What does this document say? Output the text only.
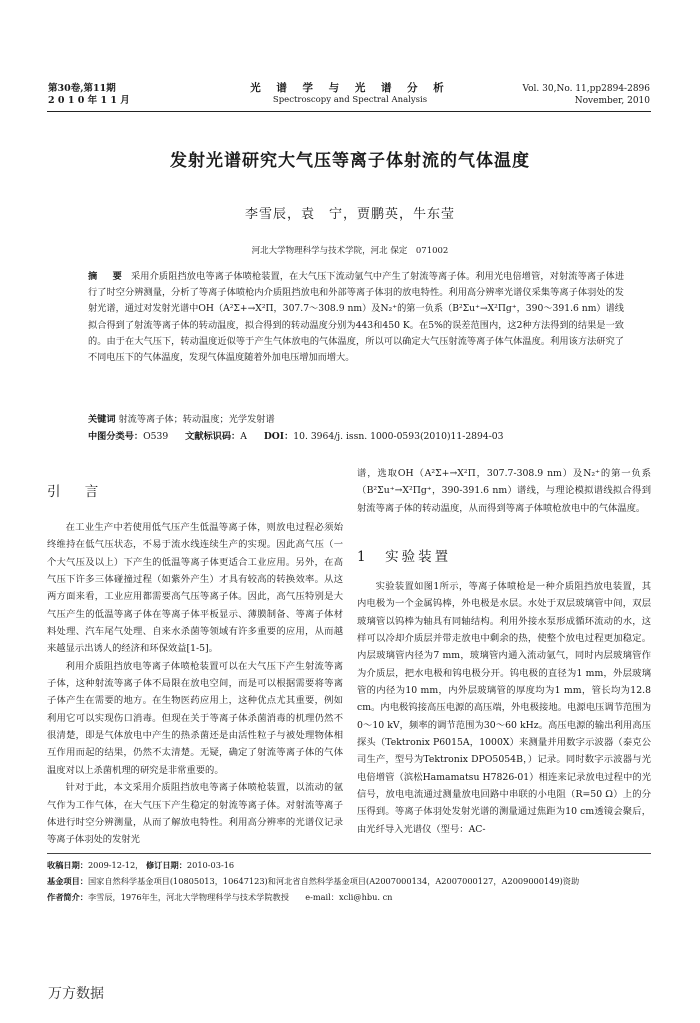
第30卷,第11期
2 0 1 0 年 1 1 月
光 谱 学 与 光 谱 分 析
Spectroscopy and Spectral Analysis
Vol. 30,No. 11,pp2894-2896
November, 2010
发射光谱研究大气压等离子体射流的气体温度
李雪辰，袁　宁，贾鹏英，牛东莹
河北大学物理科学与技术学院，河北 保定　071002
摘 要 采用介质阻挡放电等离子体喷枪装置，在大气压下流动氩气中产生了射流等离子体。利用光电倍增管，对射流等离子体进行了时空分辨测量，分析了等离子体喷枪内介质阻挡放电和外部等离子体羽的放电特性。利用高分辨率光谱仪采集等离子体羽处的发射光谱，通过对发射光谱中OH（A²Σ+→X²Π，307.7～308.9 nm）及N₂⁺的第一负系（B²Σu⁺→X²Πg⁺，390～391.6 nm）谱线拟合得到了射流等离子体的转动温度，拟合得到的转动温度分别为443和450 K。在5%的误差范围内，这2种方法得到的结果是一致的。由于在大气压下，转动温度近似等于产生气体放电的气体温度，所以可以确定大气压射流等离子体气体温度。利用该方法研究了不同电压下的气体温度，发现气体温度随着外加电压增加而增大。
关键词 射流等离子体；转动温度；光学发射谱
中图分类号：O539 文献标识码：A DOI：10. 3964/j. issn. 1000-0593(2010)11-2894-03
引 言

在工业生产中若使用低气压产生低温等离子体，则放电过程必须始终维持在低气压状态，不易于流水线连续生产的实现。因此高气压（一个大气压及以上）下产生的低温等离子体更适合工业应用。另外，在高气压下许多三体碰撞过程（如紫外产生）才具有较高的转换效率。从这两方面来看，工业应用都需要高气压等离子体。因此，高气压特别是大气压产生的低温等离子体在等离子体平板显示、薄膜制备、等离子体材料处理、汽车尾气处理、自来水杀菌等领域有许多重要的应用，从而越来越显示出诱人的经济和环保效益[1-5]。

利用介质阻挡放电等离子体喷枪装置可以在大气压下产生射流等离子体，这种射流等离子体不局限在放电空间，而是可以根据需要将等离子体产生在需要的地方。在生物医药应用上，这种优点尤其重要，例如利用它可以实现伤口消毒。但现在关于等离子体杀菌消毒的机理仍然不很清楚，即是气体放电中产生的热杀菌还是由活性粒子与被处理物体相互作用而起的结果，仍然不太清楚。无疑，确定了射流等离子体的气体温度对以上杀菌机理的研究是非常重要的。

针对于此，本文采用介质阻挡放电等离子体喷枪装置，以流动的氩气作为工作气体，在大气压下产生稳定的射流等离子体。对射流等离子体进行时空分辨测量，从而了解放电特性。利用高分辨率的光谱仪记录等离子体羽处的发射光

谱，选取OH（A²Σ+→X²Π，307.7-308.9 nm）及N₂⁺的第一负系（B²Σu⁺→X²Πg⁺，390-391.6 nm）谱线，与理论模拟谱线拟合得到射流等离子体的转动温度，从而得到等离子体喷枪放电中的气体温度。

1　实验装置

实验装置如图1所示，等离子体喷枪是一种介质阻挡放电装置，其内电极为一个金属钨棒，外电极是水层。水处于双层玻璃管中间，双层玻璃管以钨棒为轴具有同轴结构。利用外接水泵形成循环流动的水，这样可以冷却介质层并带走放电中剩余的热，使整个放电过程更加稳定。内层玻璃管内径为7 mm，玻璃管内通入流动氩气，同时内层玻璃管作为介质层，把水电极和钨电极分开。钨电极的直径为1 mm，外层玻璃管的内径为10 mm，内外层玻璃管的厚度均为1 mm，管长均为12.8 cm。内电极钨接高压电源的高压端，外电极接地。电源电压调节范围为0～10 kV，频率的调节范围为30～60 kHz。高压电源的输出利用高压探头（Tektronix P6015A，1000X）来测量并用数字示波器（泰克公司生产，型号为Tektronix DPO5054B，）记录。同时数字示波器与光电倍增管（滨松Hamamatsu H7826-01）相连来记录放电过程中的光信号，放电电流通过测量放电回路中串联的小电阻（R=50 Ω）上的分压得到。等离子体羽处发射光谱的测量通过焦距为10 cm透镜会聚后，由光纤导入光谱仪（型号：AC-

收稿日期：2009-12-12， 修订日期：2010-03-16
基金项目：国家自然科学基金项目(10805013，10647123)和河北省自然科学基金项目(A2007000134，A2007000127，A2009000149)资助
作者简介：李雪辰，1976年生，河北大学物理科学与技术学院教授　　e-mail：xcli@hbu. cn
万方数据
